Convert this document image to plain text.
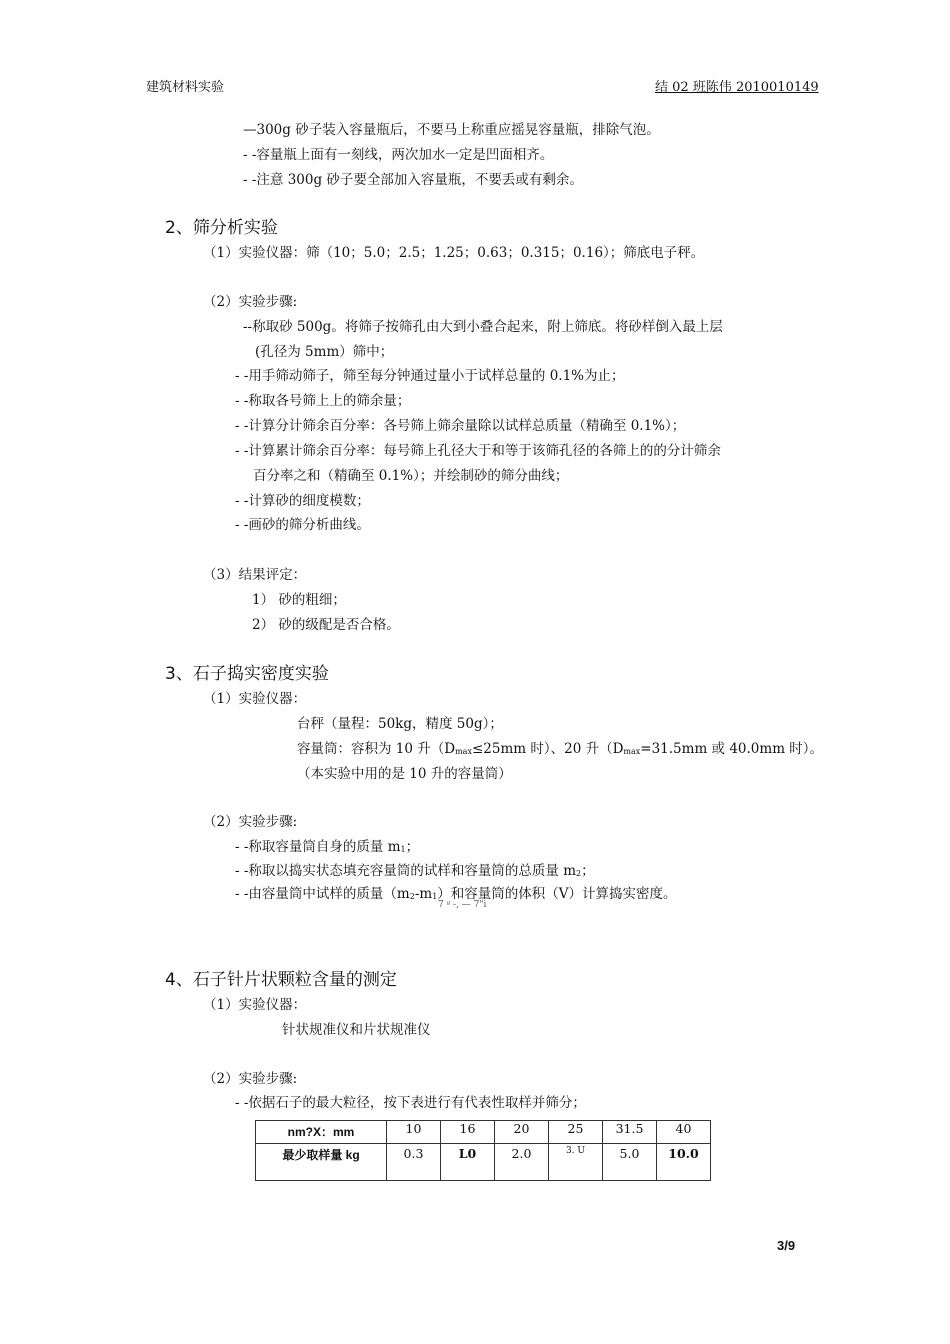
建筑材料实验	结 02 班陈伟 2010010149
—300g 砂子装入容量瓶后，不要马上称重应摇晃容量瓶，排除气泡。
- -容量瓶上面有一刻线，两次加水一定是凹面相齐。
- -注意 300g 砂子要全部加入容量瓶，不要丢或有剩余。
2、筛分析实验
（1）实验仪器：筛（10；5.0；2.5；1.25；0.63；0.315；0.16）；筛底电子秤。
（2）实验步骤:
--称取砂 500g。将筛子按筛孔由大到小叠合起来，附上筛底。将砂样倒入最上层
(孔径为 5mm）筛中；
- -用手筛动筛子，筛至每分钟通过量小于试样总量的 0.1%为止；
- -称取各号筛上上的筛余量；
- -计算分计筛余百分率：各号筛上筛余量除以试样总质量（精确至 0.1%）；
- -计算累计筛余百分率：每号筛上孔径大于和等于该筛孔径的各筛上的的分计筛余
百分率之和（精确至 0.1%）；并绘制砂的筛分曲线；
- -计算砂的细度模数；
- -画砂的筛分析曲线。
（3）结果评定：
1） 砂的粗细；
2） 砂的级配是否合格。
3、石子捣实密度实验
（1）实验仪器：
台秤（量程：50kg，精度 50g）；
容量筒：容积为 10 升（Dmax≤25mm 时）、20 升（Dmax=31.5mm 或 40.0mm 时）。
（本实验中用的是 10 升的容量筒）
（2）实验步骤:
- -称取容量筒自身的质量 m1；
- -称取以捣实状态填充容量筒的试样和容量筒的总质量 m2；
- -由容量筒中试样的质量（m2-m1）和容量筒的体积（V）计算捣实密度。
7 ᵍ -, — 7"i
4、石子针片状颗粒含量的测定
（1）实验仪器：
针状规准仪和片状规准仪
（2）实验步骤:
- -依据石子的最大粒径，按下表进行有代表性取样并筛分；
nm?X：mm	10	16	20	25	31.5	40
最少取样量 kg	0.3	L0	2.0	3. U	5.0	10.0
3/9
